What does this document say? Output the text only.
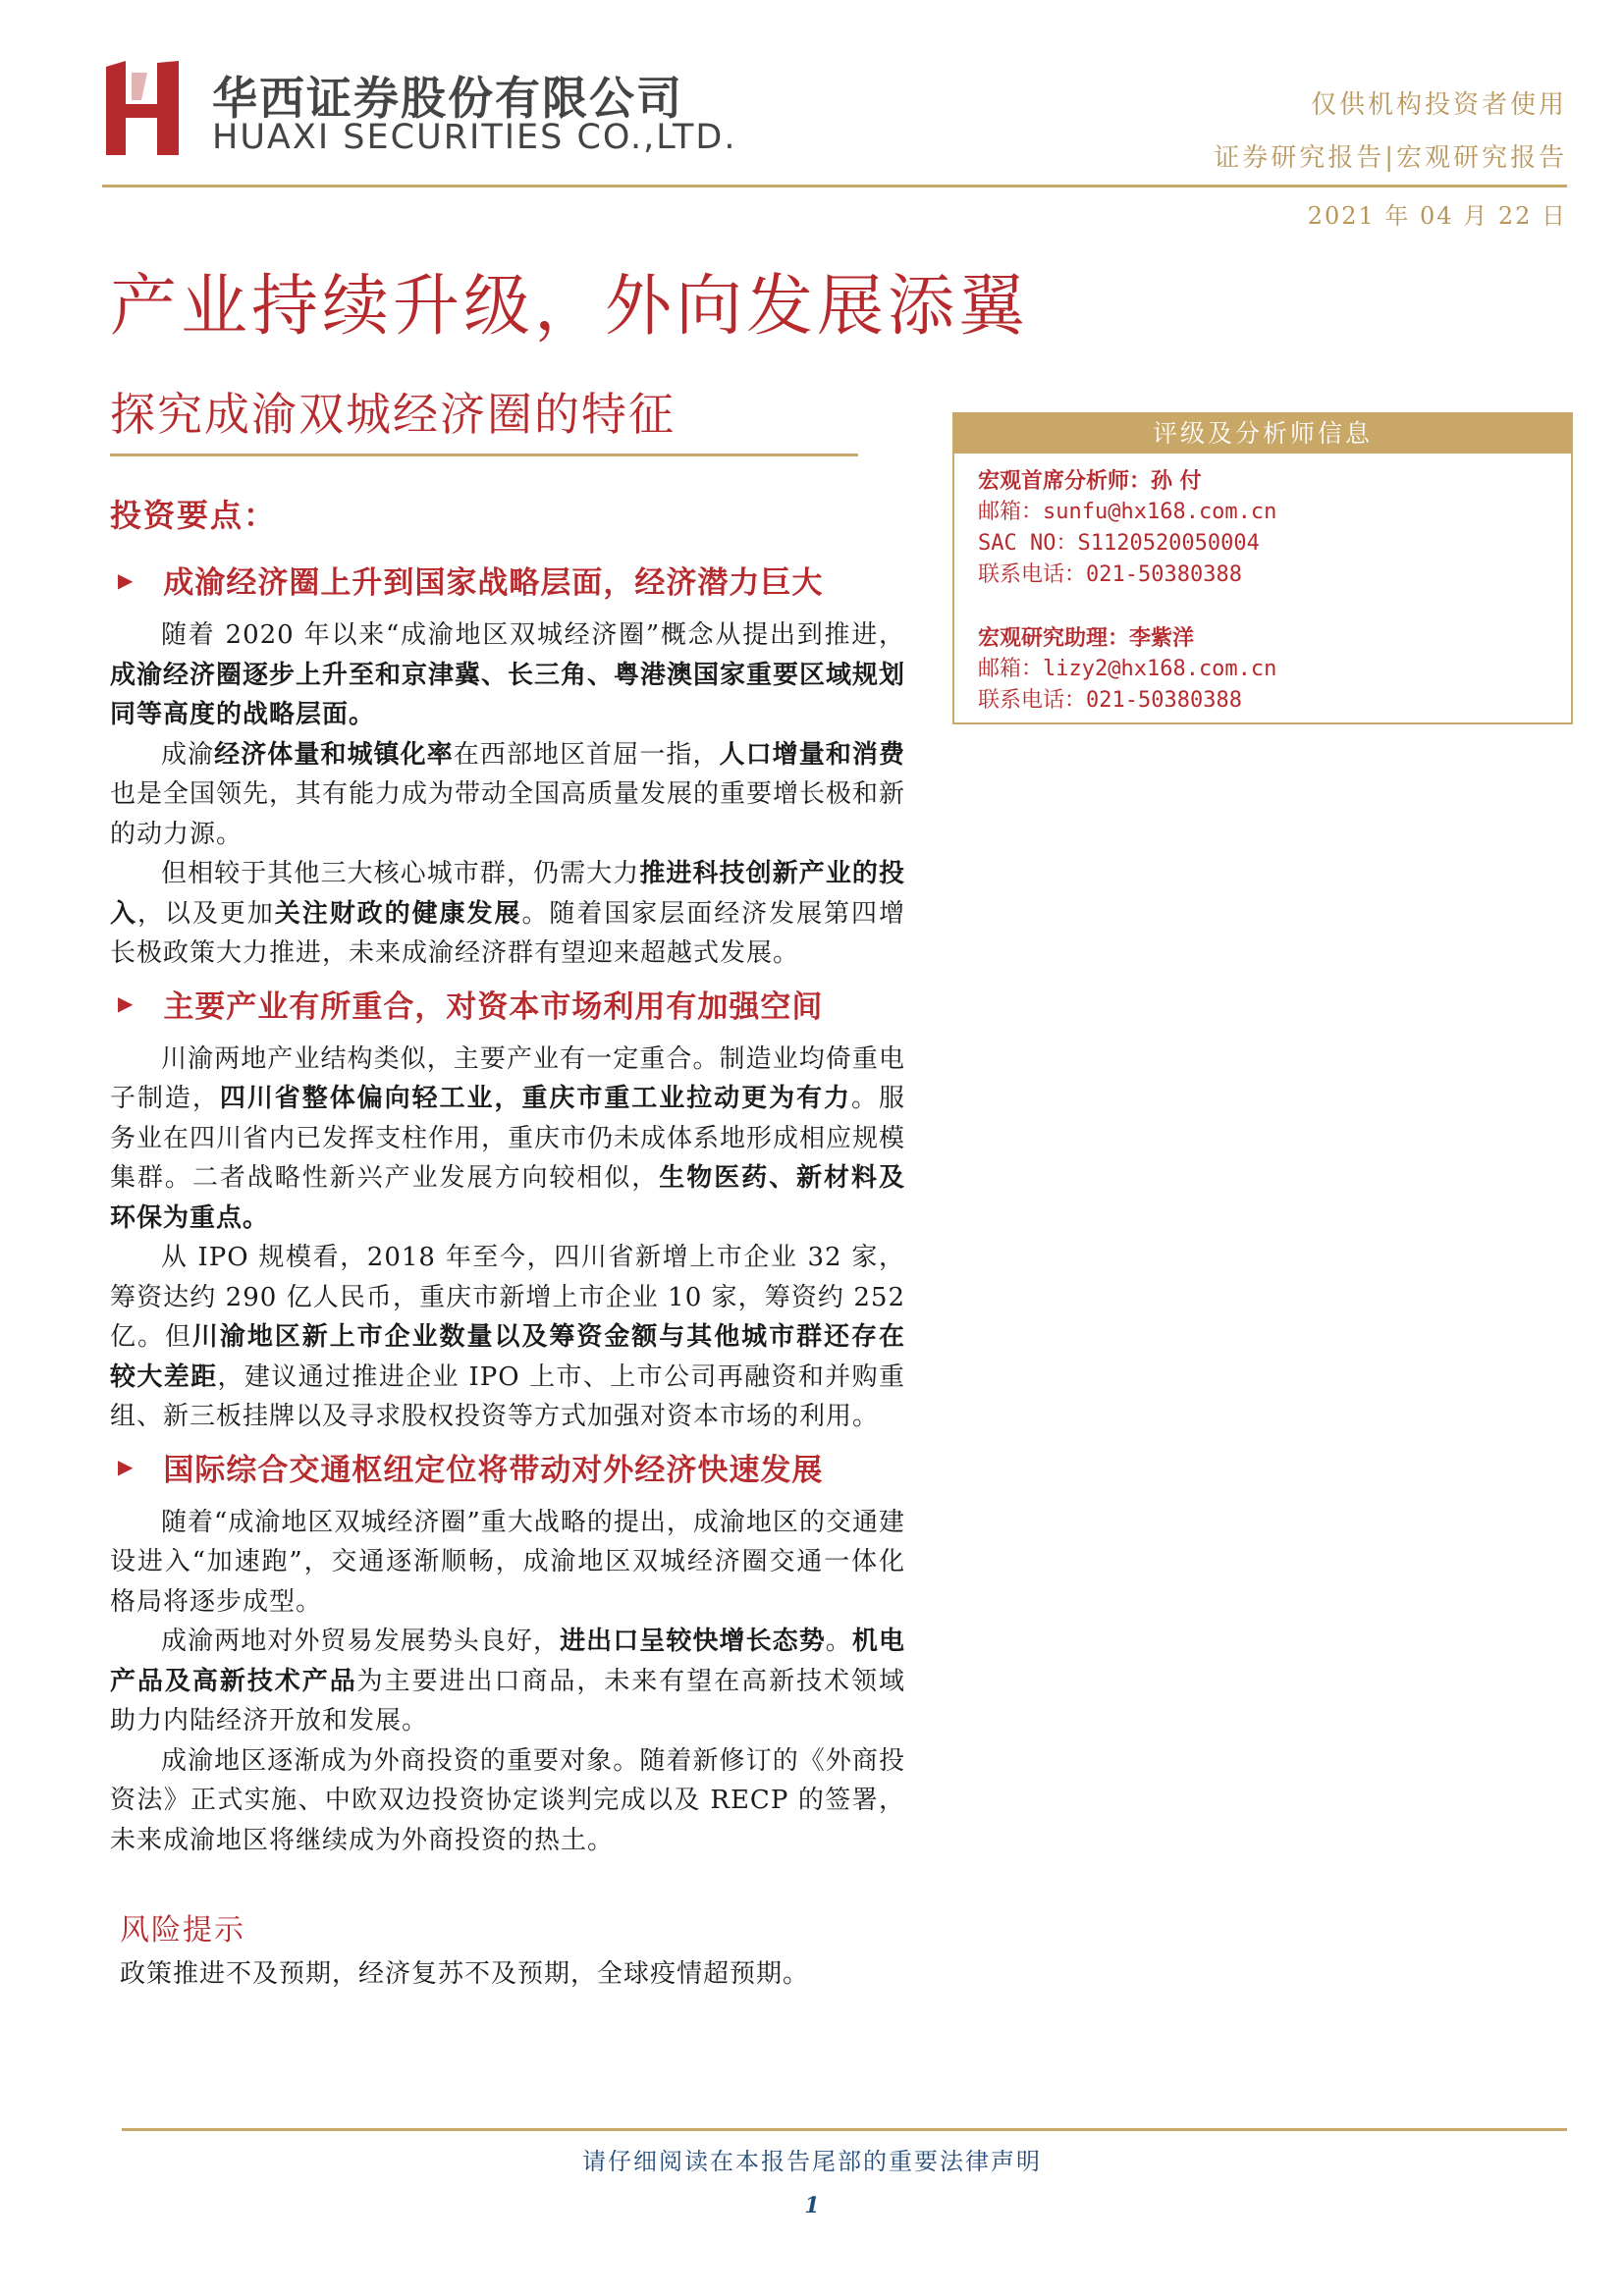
华西证券股份有限公司
HUAXI SECURITIES CO.,LTD.
仅供机构投资者使用
证券研究报告|宏观研究报告
2021 年 04 月 22 日
产业持续升级，外向发展添翼
探究成渝双城经济圈的特征	评级及分析师信息
宏观首席分析师：孙 付
邮箱：sunfu@hx168.com.cn
SAC NO：S1120520050004
联系电话：021-50380388
宏观研究助理：李紫洋
邮箱：lizy2@hx168.com.cn
联系电话：021-50380388
投资要点：
▶ 成渝经济圈上升到国家战略层面，经济潜力巨大

随着 2020 年以来“成渝地区双城经济圈”概念从提出到推进，成渝经济圈逐步上升至和京津冀、长三角、粤港澳国家重要区域规划同等高度的战略层面。

成渝经济体量和城镇化率在西部地区首屈一指，人口增量和消费也是全国领先，其有能力成为带动全国高质量发展的重要增长极和新的动力源。

但相较于其他三大核心城市群，仍需大力推进科技创新产业的投入，以及更加关注财政的健康发展。随着国家层面经济发展第四增长极政策大力推进，未来成渝经济群有望迎来超越式发展。

▶ 主要产业有所重合，对资本市场利用有加强空间

川渝两地产业结构类似，主要产业有一定重合。制造业均倚重电子制造，四川省整体偏向轻工业，重庆市重工业拉动更为有力。服务业在四川省内已发挥支柱作用，重庆市仍未成体系地形成相应规模集群。二者战略性新兴产业发展方向较相似，生物医药、新材料及环保为重点。

从 IPO 规模看，2018 年至今，四川省新增上市企业 32 家，筹资达约 290 亿人民币，重庆市新增上市企业 10 家，筹资约 252 亿。但川渝地区新上市企业数量以及筹资金额与其他城市群还存在较大差距，建议通过推进企业 IPO 上市、上市公司再融资和并购重组、新三板挂牌以及寻求股权投资等方式加强对资本市场的利用。

▶ 国际综合交通枢纽定位将带动对外经济快速发展

随着“成渝地区双城经济圈”重大战略的提出，成渝地区的交通建设进入“加速跑”，交通逐渐顺畅，成渝地区双城经济圈交通一体化格局将逐步成型。

成渝两地对外贸易发展势头良好，进出口呈较快增长态势。机电产品及高新技术产品为主要进出口商品，未来有望在高新技术领域助力内陆经济开放和发展。

成渝地区逐渐成为外商投资的重要对象。随着新修订的《外商投资法》正式实施、中欧双边投资协定谈判完成以及 RECP 的签署，未来成渝地区将继续成为外商投资的热土。

风险提示
政策推进不及预期，经济复苏不及预期，全球疫情超预期。
请仔细阅读在本报告尾部的重要法律声明
1
